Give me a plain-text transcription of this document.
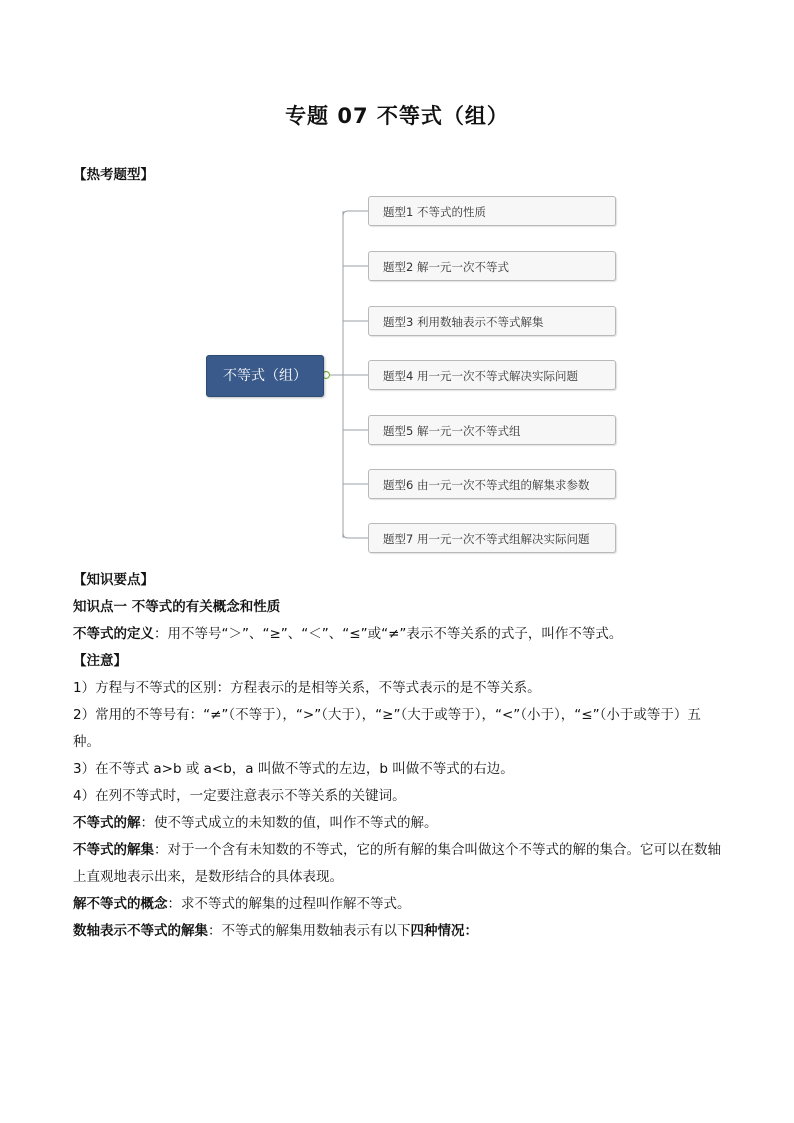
专题 07 不等式（组）
【热考题型】
不等式（组）
题型1 不等式的性质
题型2 解一元一次不等式
题型3 利用数轴表示不等式解集
题型4 用一元一次不等式解决实际问题
题型5 解一元一次不等式组
题型6 由一元一次不等式组的解集求参数
题型7 用一元一次不等式组解决实际问题

【知识要点】

知识点一 不等式的有关概念和性质

不等式的定义：用不等号“＞”、“≥”、“＜”、“≤”或“≠”表示不等关系的式子，叫作不等式。

【注意】

1）方程与不等式的区别：方程表示的是相等关系，不等式表示的是不等关系。

2）常用的不等号有：“≠”（不等于），“>”（大于），“≥”（大于或等于），“<”（小于），“≤”（小于或等于）五种。

3）在不等式 a>b 或 a<b，a 叫做不等式的左边，b 叫做不等式的右边。

4）在列不等式时，一定要注意表示不等关系的关键词。

不等式的解：使不等式成立的未知数的值，叫作不等式的解。

不等式的解集：对于一个含有未知数的不等式，它的所有解的集合叫做这个不等式的解的集合。它可以在数轴上直观地表示出来，是数形结合的具体表现。

解不等式的概念：求不等式的解集的过程叫作解不等式。

数轴表示不等式的解集：不等式的解集用数轴表示有以下四种情况：
